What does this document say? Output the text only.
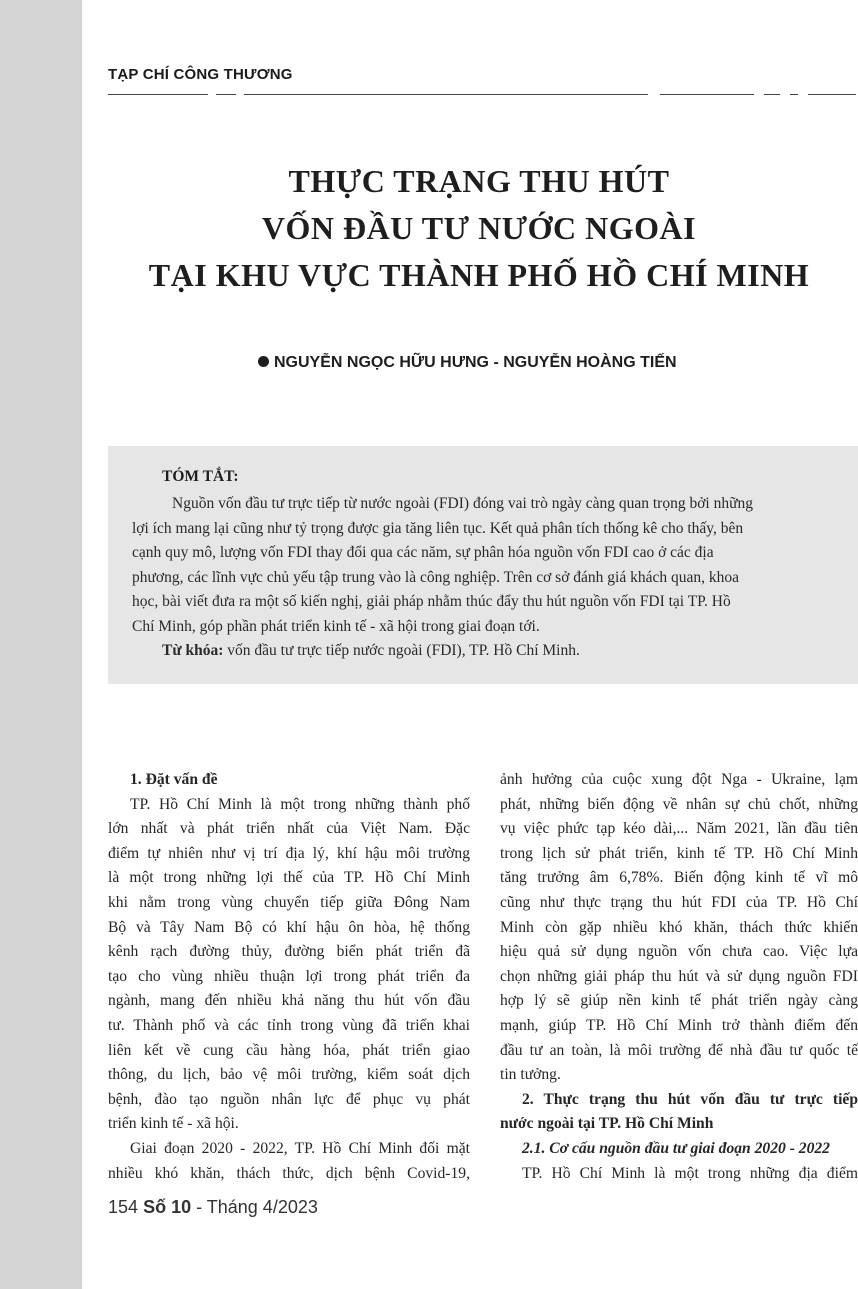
TẠP CHÍ CÔNG THƯƠNG
THỰC TRẠNG THU HÚT
VỐN ĐẦU TƯ NƯỚC NGOÀI
TẠI KHU VỰC THÀNH PHỐ HỒ CHÍ MINH
NGUYỄN NGỌC HỮU HƯNG - NGUYỄN HOÀNG TIẾN
TÓM TẮT:
Nguồn vốn đầu tư trực tiếp từ nước ngoài (FDI) đóng vai trò ngày càng quan trọng bởi những
lợi ích mang lại cũng như tỷ trọng được gia tăng liên tục. Kết quả phân tích thống kê cho thấy, bên
cạnh quy mô, lượng vốn FDI thay đổi qua các năm, sự phân hóa nguồn vốn FDI cao ở các địa
phương, các lĩnh vực chủ yếu tập trung vào là công nghiệp. Trên cơ sở đánh giá khách quan, khoa
học, bài viết đưa ra một số kiến nghị, giải pháp nhằm thúc đẩy thu hút nguồn vốn FDI tại TP. Hồ
Chí Minh, góp phần phát triển kinh tế - xã hội trong giai đoạn tới.
Từ khóa: vốn đầu tư trực tiếp nước ngoài (FDI), TP. Hồ Chí Minh.
1. Đặt vấn đề
TP. Hồ Chí Minh là một trong những thành phố
lớn nhất và phát triển nhất của Việt Nam. Đặc
điểm tự nhiên như vị trí địa lý, khí hậu môi trường
là một trong những lợi thế của TP. Hồ Chí Minh
khi nằm trong vùng chuyển tiếp giữa Đông Nam
Bộ và Tây Nam Bộ có khí hậu ôn hòa, hệ thống
kênh rạch đường thủy, đường biển phát triển đã
tạo cho vùng nhiều thuận lợi trong phát triển đa
ngành, mang đến nhiều khả năng thu hút vốn đầu
tư. Thành phố và các tỉnh trong vùng đã triển khai
liên kết về cung cầu hàng hóa, phát triển giao
thông, du lịch, bảo vệ môi trường, kiểm soát dịch
bệnh, đào tạo nguồn nhân lực để phục vụ phát
triển kinh tế - xã hội.
Giai đoạn 2020 - 2022, TP. Hồ Chí Minh đối mặt
nhiều khó khăn, thách thức, dịch bệnh Covid-19,
ảnh hưởng của cuộc xung đột Nga - Ukraine, lạm
phát, những biến động về nhân sự chủ chốt, những
vụ việc phức tạp kéo dài,... Năm 2021, lần đầu tiên
trong lịch sử phát triển, kinh tế TP. Hồ Chí Minh
tăng trưởng âm 6,78%. Biến động kinh tế vĩ mô
cũng như thực trạng thu hút FDI của TP. Hồ Chí
Minh còn gặp nhiều khó khăn, thách thức khiến
hiệu quả sử dụng nguồn vốn chưa cao. Việc lựa
chọn những giải pháp thu hút và sử dụng nguồn FDI
hợp lý sẽ giúp nền kinh tế phát triển ngày càng
mạnh, giúp TP. Hồ Chí Minh trở thành điểm đến
đầu tư an toàn, là môi trường để nhà đầu tư quốc tế
tin tưởng.
2. Thực trạng thu hút vốn đầu tư trực tiếp
nước ngoài tại TP. Hồ Chí Minh
2.1. Cơ cấu nguồn đầu tư giai đoạn 2020 - 2022
TP. Hồ Chí Minh là một trong những địa điểm
154 Số 10 - Tháng 4/2023
